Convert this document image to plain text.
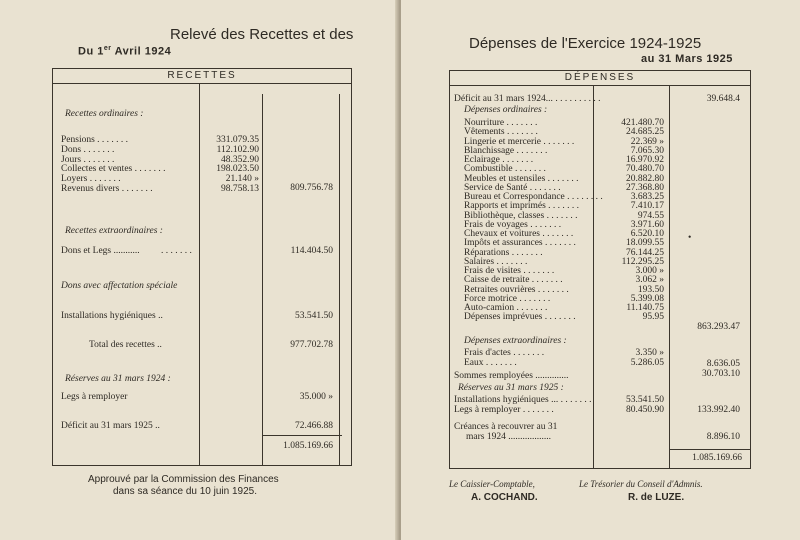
Relevé des Recettes et des
Du 1er Avril 1924
RECETTES
Recettes ordinaires :
Pensions . . . . . . .	331.079.35
Dons . . . . . . .	112.102.90
Jours . . . . . . .	48.352.90
Collectes et ventes . . . . . . .	198.023.50
Loyers . . . . . . .	21.140 »
Revenus divers . . . . . . .	98.758.13	809.756.78
Recettes extraordinaires :
Dons et Legs ...........         . . . . . . .	114.404.50
Dons avec affectation spéciale
Installations hygiéniques ..	53.541.50
Total des recettes ..	977.702.78
Réserves au 31 mars 1924 :
Legs à remployer	35.000 »
Déficit au 31 mars 1925 ..	72.466.88
1.085.169.66
Approuvé par la Commission des Finances
dans sa séance du 10 juin 1925.
Dépenses de l'Exercice 1924-1925
au 31 Mars 1925
DÉPENSES
Déficit au 31 mars 1924... . . . . . . . . . .	39.648.4
Dépenses ordinaires :
Nourriture . . . . . . .	421.480.70
Vêtements . . . . . . .	24.685.25
Lingerie et mercerie . . . . . . .	22.369 »
Blanchissage . . . . . . .	7.065.30
Eclairage . . . . . . .	16.970.92
Combustible . . . . . . .	70.480.70
Meubles et ustensiles . . . . . . .	20.882.80
Service de Santé . . . . . . .	27.368.80
Bureau et Correspondance . . . . . . . .	3.683.25
Rapports et imprimés . . . . . . .	7.410.17
Bibliothèque, classes . . . . . . .	974.55
Frais de voyages . . . . . . .	3.971.60
Chevaux et voitures . . . . . . .	6.520.10
Impôts et assurances . . . . . . .	18.099.55
Réparations . . . . . . .	76.144.25
Salaires . . . . . . .	112.295.25
Frais de visites . . . . . . .	3.000 »
Caisse de retraite . . . . . . .	3.062 »
Retraites ouvrières . . . . . . .	193.50
Force motrice . . . . . . .	5.399.08
Auto-camion . . . . . . .	11.140.75
Dépenses imprévues . . . . . . .	95.95
863.293.47
•
Dépenses extraordinaires :
Frais d'actes . . . . . . .	3.350 »
Eaux . . . . . . .	5.286.05	8.636.05
Sommes remployées ..............	30.703.10
Réserves au 31 mars 1925 :
Installations hygiéniques ... . . . . . . .	53.541.50
Legs à remployer . . . . . . .	80.450.90	133.992.40
Créances à recouvrer au 31
mars 1924 ..................	8.896.10
1.085.169.66
Le Caissier-Comptable,
A. COCHAND.
Le Trésorier du Conseil d'Admnis.
R. de LUZE.
